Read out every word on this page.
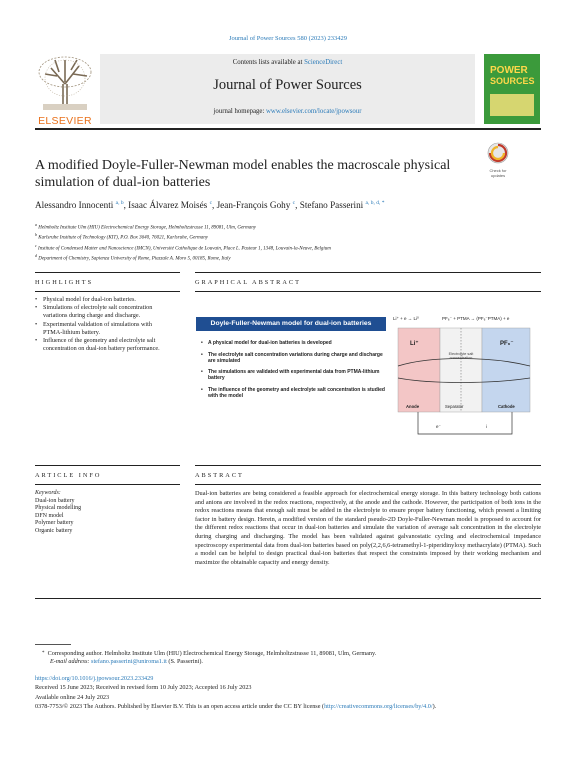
Journal of Power Sources 580 (2023) 233429
ELSEVIER
Contents lists available at ScienceDirect
Journal of Power Sources
journal homepage: www.elsevier.com/locate/jpowsour
POWER
SOURCES
Check for updates
A modified Doyle-Fuller-Newman model enables the macroscale physical simulation of dual-ion batteries
Alessandro Innocenti $^{a, b}$, Isaac Álvarez Moisés $^c$, Jean-François Gohy $^c$, Stefano Passerini $^{a, b, d, *}$
$^a$ Helmholtz Institute Ulm (HIU) Electrochemical Energy Storage, Helmholtzstrasse 11, 89081, Ulm, Germany
$^b$ Karlsruhe Institute of Technology (KIT), P.O. Box 3640, 76021, Karlsruhe, Germany
$^c$ Institute of Condensed Matter and Nanoscience (IMCN), Université Catholique de Louvain, Place L. Pasteur 1, 1348, Louvain-la-Neuve, Belgium
$^d$ Department of Chemistry, Sapienza University of Rome, Piazzale A. Moro 5, 00185, Rome, Italy
HIGHLIGHTS	GRAPHICAL ABSTRACT
• Physical model for dual-ion batteries.
• Simulations of electrolyte salt concentration variations during charge and discharge.
• Experimental validation of simulations with PTMA-lithium battery.
• Influence of the geometry and electrolyte salt concentration on dual-ion battery performance.
Doyle-Fuller-Newman model for dual-ion batteries
• A physical model for dual-ion batteries is developed
• The electrolyte salt concentration variations during charge and discharge are simulated
• The simulations are validated with experimental data from PTMA-lithium battery
• The influence of the geometry and electrolyte salt concentration is studied with the model
Li⁺ + e → Li⁰	PF₆⁻ + PTMA → (PF₆⁻PTMA) + e
Li⁺	PF₆⁻
Electrolyte salt concentration
Anode	Separator	Cathode
e⁻	i
ARTICLE INFO	ABSTRACT
Keywords:
Dual-ion battery
Physical modelling
DFN model
Polymer battery
Organic battery

Dual-ion batteries are being considered a feasible approach for electrochemical energy storage. In this battery technology both cations and anions are involved in the redox reactions, respectively, at the anode and the cathode. However, the participation of both ions in the redox reactions means that enough salt must be added in the electrolyte to ensure proper battery functioning, which present a limiting factor in battery design. Herein, a modified version of the standard pseudo-2D Doyle-Fuller-Newman model is proposed to account for the different redox reactions that occur in dual-ion batteries and simulate the variation of average salt concentration in the electrolyte during charging and discharging. The model has been validated against galvanostatic cycling and electrochemical impedance spectroscopy experimental data from dual-ion batteries based on poly(2,2,6,6-tetramethyl-1-piperidinyloxy methacrylate) (PTMA). Such a model can be helpful to design practical dual-ion batteries that respect the constraints imposed by their working mechanism and maximize the obtainable capacity and energy density.

* Corresponding author. Helmholtz Institute Ulm (HIU) Electrochemical Energy Storage, Helmholtzstrasse 11, 89081, Ulm, Germany.
E-mail address: stefano.passerini@uniroma1.it (S. Passerini).
https://doi.org/10.1016/j.jpowsour.2023.233429
Received 15 June 2023; Received in revised form 10 July 2023; Accepted 16 July 2023
Available online 24 July 2023
0378-7753/© 2023 The Authors. Published by Elsevier B.V. This is an open access article under the CC BY license (http://creativecommons.org/licenses/by/4.0/).
